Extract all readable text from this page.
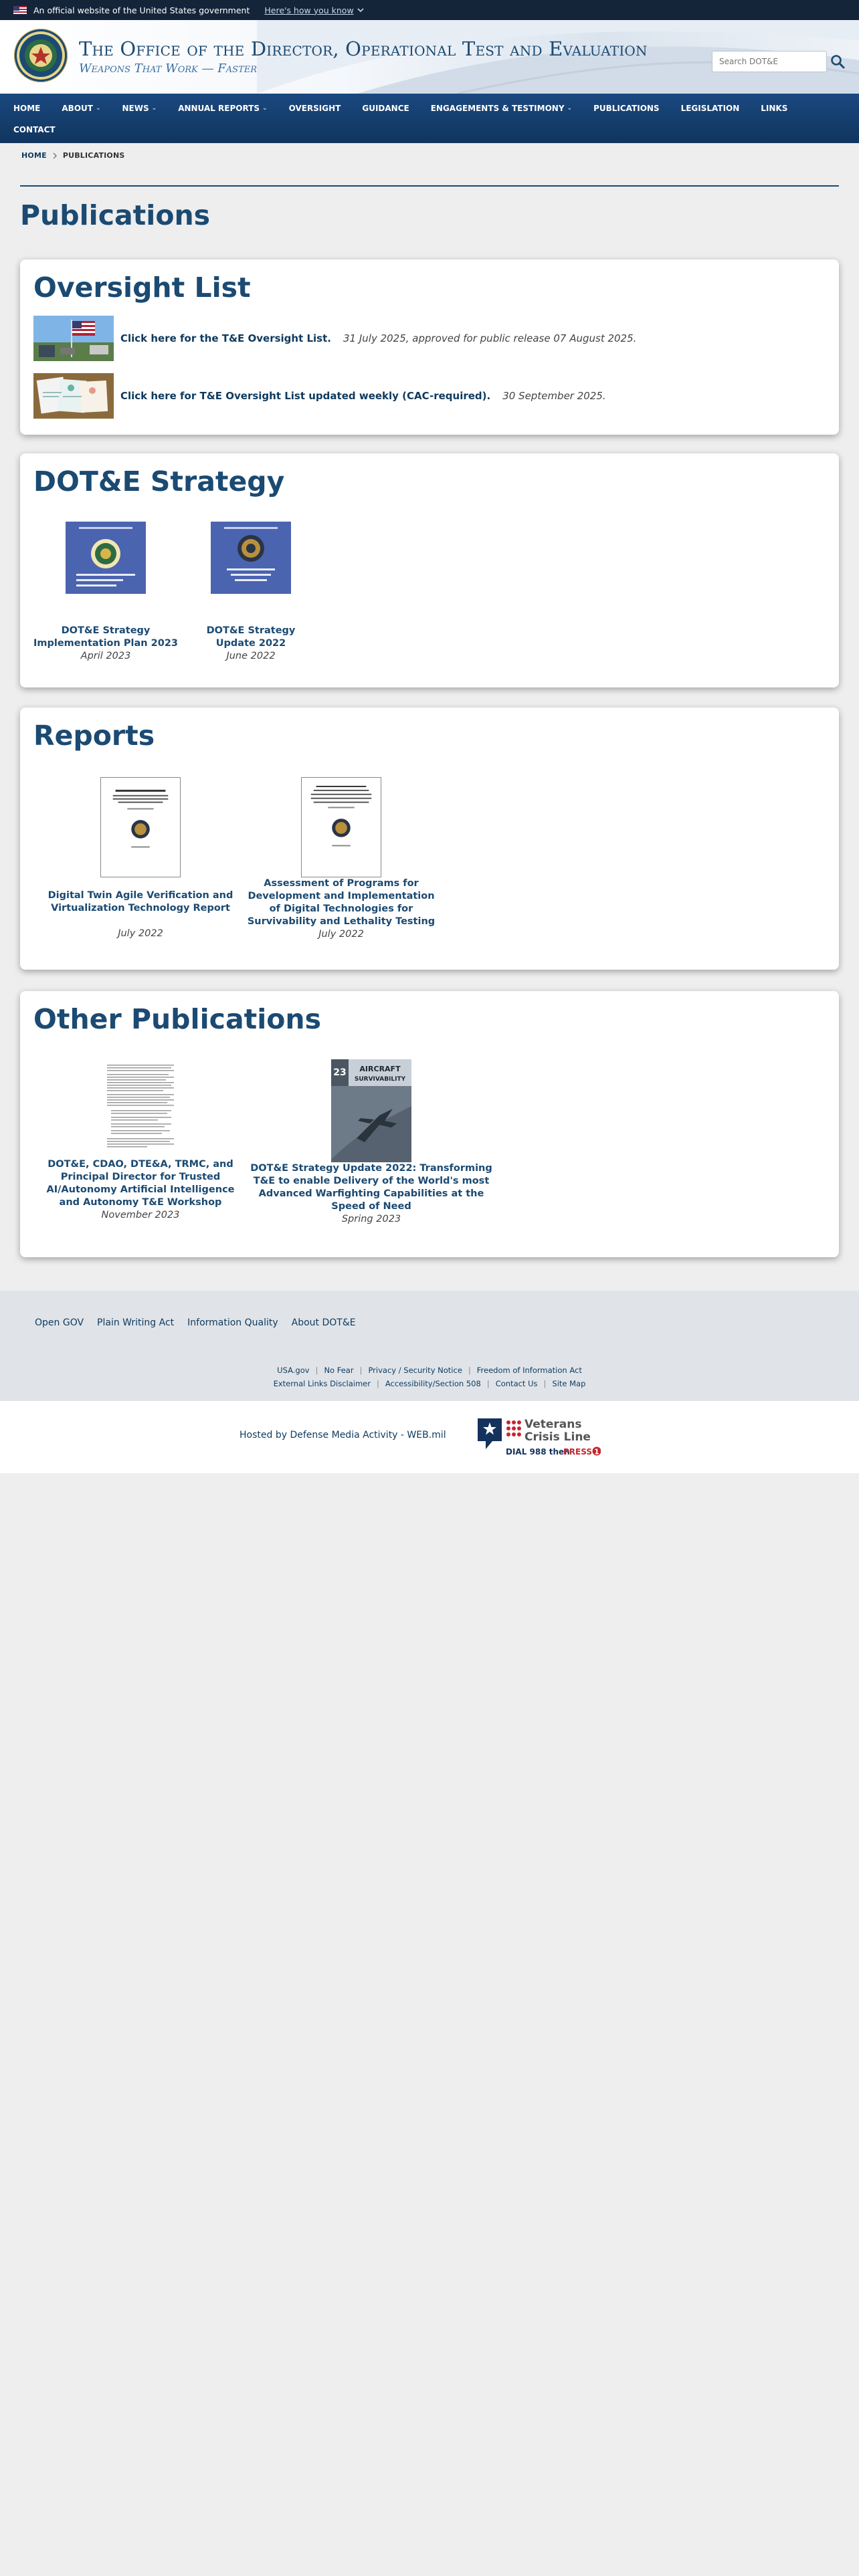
An official website of the United States government Here's how you know
The Office of the Director, Operational Test and Evaluation
Weapons That Work — Faster
Search DOT&E
HOME	ABOUT ⌄	NEWS ⌄	ANNUAL REPORTS ⌄	OVERSIGHT	GUIDANCE	ENGAGEMENTS & TESTIMONY ⌄	PUBLICATIONS	LEGISLATION	LINKS
CONTACT
HOME PUBLICATIONS
Publications
Oversight List
Click here for the T&E Oversight List. 31 July 2025, approved for public release 07 August 2025.
Click here for T&E Oversight List updated weekly (CAC-required). 30 September 2025.
DOT&E Strategy
DOT&E Strategy Implementation Plan 2023
April 2023
DOT&E Strategy Update 2022
June 2022
Reports
Digital Twin Agile Verification and Virtualization Technology Report
July 2022
Assessment of Programs for Development and Implementation of Digital Technologies for Survivability and Lethality Testing
July 2022
Other Publications
DOT&E, CDAO, DTE&A, TRMC, and Principal Director for Trusted AI/Autonomy Artificial Intelligence and Autonomy T&E Workshop
November 2023
23 AIRCRAFT
SURVIVABILITY
DOT&E Strategy Update 2022: Transforming T&E to enable Delivery of the World's most Advanced Warfighting Capabilities at the Speed of Need
Spring 2023
Open GOV Plain Writing Act Information Quality About DOT&E
USA.gov | No Fear | Privacy / Security Notice | Freedom of Information Act
External Links Disclaimer | Accessibility/Section 508 | Contact Us | Site Map
Hosted by Defense Media Activity - WEB.mil
Veterans
Crisis Line
DIAL 988 then
PRESS 1
